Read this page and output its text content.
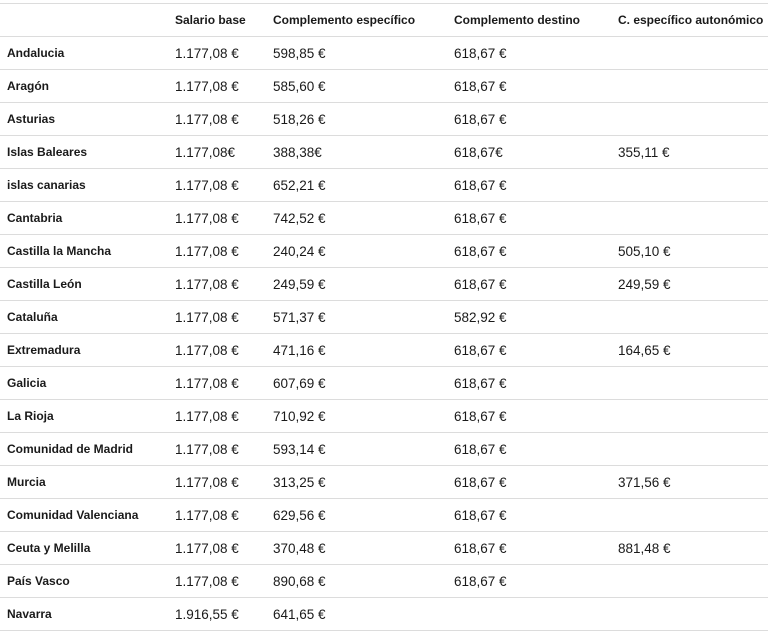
	Salario base	Complemento específico	Complemento destino	C. específico autonómico
Andalucia	1.177,08 €	598,85 €	618,67 €	
Aragón	1.177,08 €	585,60 €	618,67 €	
Asturias	1.177,08 €	518,26 €	618,67 €	
Islas Baleares	1.177,08€	388,38€	618,67€	355,11 €
islas canarias	1.177,08 €	652,21 €	618,67 €	
Cantabria	1.177,08 €	742,52 €	618,67 €	
Castilla la Mancha	1.177,08 €	240,24 €	618,67 €	505,10 €
Castilla León	1.177,08 €	249,59 €	618,67 €	249,59 €
Cataluña	1.177,08 €	571,37 €	582,92 €	
Extremadura	1.177,08 €	471,16 €	618,67 €	164,65 €
Galicia	1.177,08 €	607,69 €	618,67 €	
La Rioja	1.177,08 €	710,92 €	618,67 €	
Comunidad de Madrid	1.177,08 €	593,14 €	618,67 €	
Murcia	1.177,08 €	313,25 €	618,67 €	371,56 €
Comunidad Valenciana	1.177,08 €	629,56 €	618,67 €	
Ceuta y Melilla	1.177,08 €	370,48 €	618,67 €	881,48 €
País Vasco	1.177,08 €	890,68 €	618,67 €	
Navarra	1.916,55 €	641,65 €		
